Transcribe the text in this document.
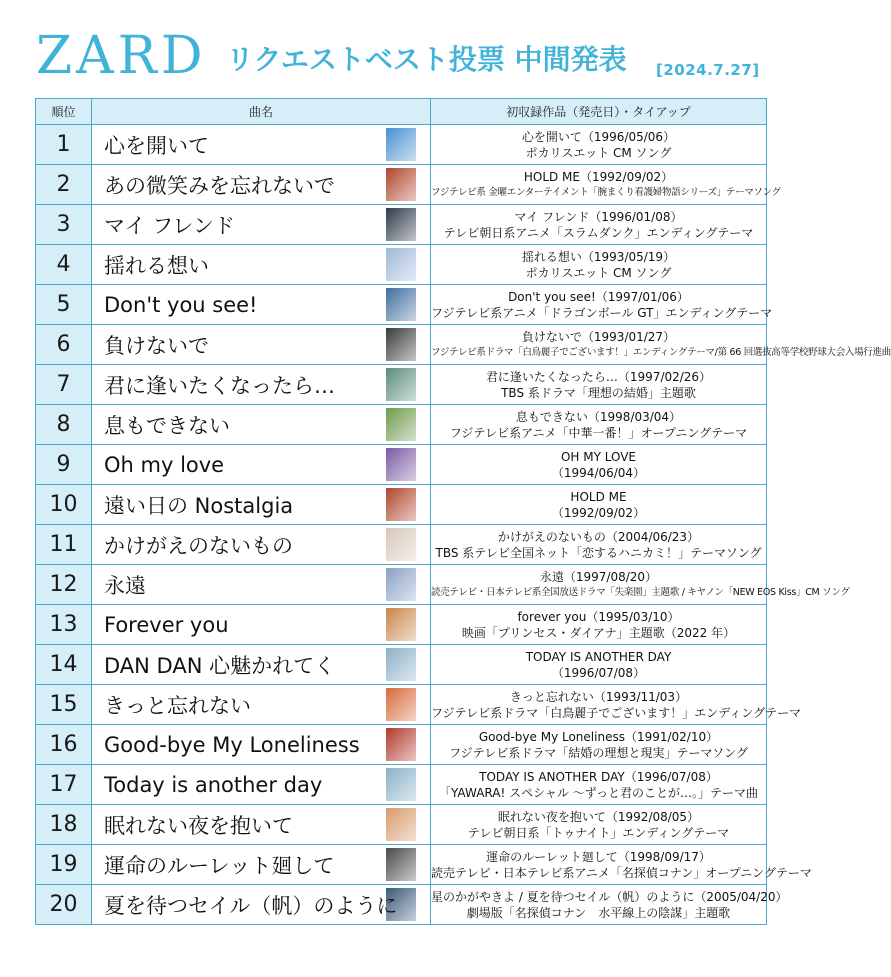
ZARD リクエストベスト投票 中間発表 [2024.7.27]
順位	曲名	初収録作品（発売日）・タイアップ
1	心を開いて	心を開いて（1996/05/06）
ポカリスエット CM ソング

2	あの微笑みを忘れないで	HOLD ME（1992/09/02）
フジテレビ系 金曜エンターテイメント「腕まくり看護婦物語シリーズ」テーマソング

3	マイ フレンド	マイ フレンド（1996/01/08）
テレビ朝日系アニメ「スラムダンク」エンディングテーマ

4	揺れる想い	揺れる想い（1993/05/19）
ポカリスエット CM ソング

5	Don't you see!	Don't you see!（1997/01/06）
フジテレビ系アニメ「ドラゴンボール GT」エンディングテーマ

6	負けないで	負けないで（1993/01/27）
フジテレビ系ドラマ「白鳥麗子でございます！」エンディングテーマ/第 66 回選抜高等学校野球大会入場行進曲

7	君に逢いたくなったら…	君に逢いたくなったら…（1997/02/26）
TBS 系ドラマ「理想の結婚」主題歌

8	息もできない	息もできない（1998/03/04）
フジテレビ系アニメ「中華一番！」オープニングテーマ

9	Oh my love	OH MY LOVE
（1994/06/04）

10	遠い日の Nostalgia	HOLD ME
（1992/09/02）

11	かけがえのないもの	かけがえのないもの（2004/06/23）
TBS 系テレビ全国ネット「恋するハニカミ！」テーマソング

12	永遠	永遠（1997/08/20）
読売テレビ・日本テレビ系全国放送ドラマ「失楽園」主題歌 / キヤノン「NEW EOS Kiss」CM ソング

13	Forever you	forever you（1995/03/10）
映画「プリンセス・ダイアナ」主題歌（2022 年）

14	DAN DAN 心魅かれてく	TODAY IS ANOTHER DAY
（1996/07/08）

15	きっと忘れない	きっと忘れない（1993/11/03）
フジテレビ系ドラマ「白鳥麗子でございます！」エンディングテーマ

16	Good-bye My Loneliness	Good-bye My Loneliness（1991/02/10）
フジテレビ系ドラマ「結婚の理想と現実」テーマソング

17	Today is another day	TODAY IS ANOTHER DAY（1996/07/08）
「YAWARA! スペシャル ～ずっと君のことが…。」テーマ曲

18	眠れない夜を抱いて	眠れない夜を抱いて（1992/08/05）
テレビ朝日系「トゥナイト」エンディングテーマ

19	運命のルーレット廻して	運命のルーレット廻して（1998/09/17）
読売テレビ・日本テレビ系アニメ「名探偵コナン」オープニングテーマ

20	夏を待つセイル（帆）のように	星のかがやきよ / 夏を待つセイル（帆）のように（2005/04/20）
劇場版「名探偵コナン　水平線上の陰謀」主題歌
